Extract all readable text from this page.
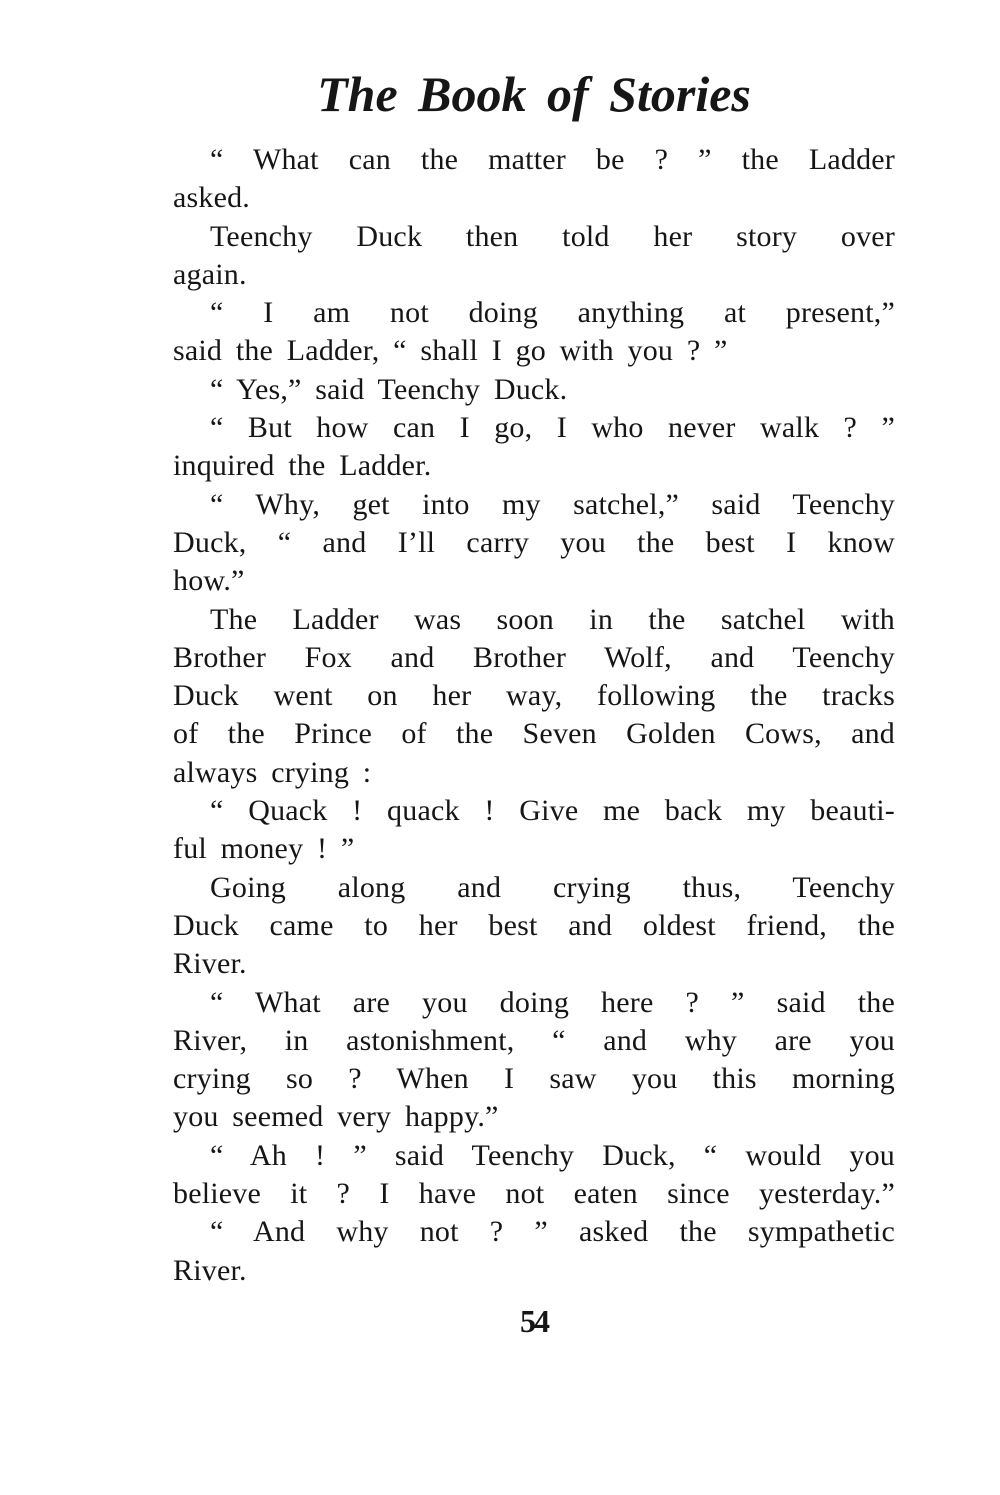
The Book of Stories
“ What can the matter be ? ” the Ladder
asked.
Teenchy Duck then told her story over
again.
“ I am not doing anything at present,”
said the Ladder, “ shall I go with you ? ”
“ Yes,” said Teenchy Duck.
“ But how can I go, I who never walk ? ”
inquired the Ladder.
“ Why, get into my satchel,” said Teenchy
Duck, “ and I’ll carry you the best I know
how.”
The Ladder was soon in the satchel with
Brother Fox and Brother Wolf, and Teenchy
Duck went on her way, following the tracks
of the Prince of the Seven Golden Cows, and
always crying :
“ Quack ! quack ! Give me back my beauti-
ful money ! ”
Going along and crying thus, Teenchy
Duck came to her best and oldest friend, the
River.
“ What are you doing here ? ” said the
River, in astonishment, “ and why are you
crying so ? When I saw you this morning
you seemed very happy.”
“ Ah ! ” said Teenchy Duck, “ would you
believe it ? I have not eaten since yesterday.”
“ And why not ? ” asked the sympathetic
River.
54
